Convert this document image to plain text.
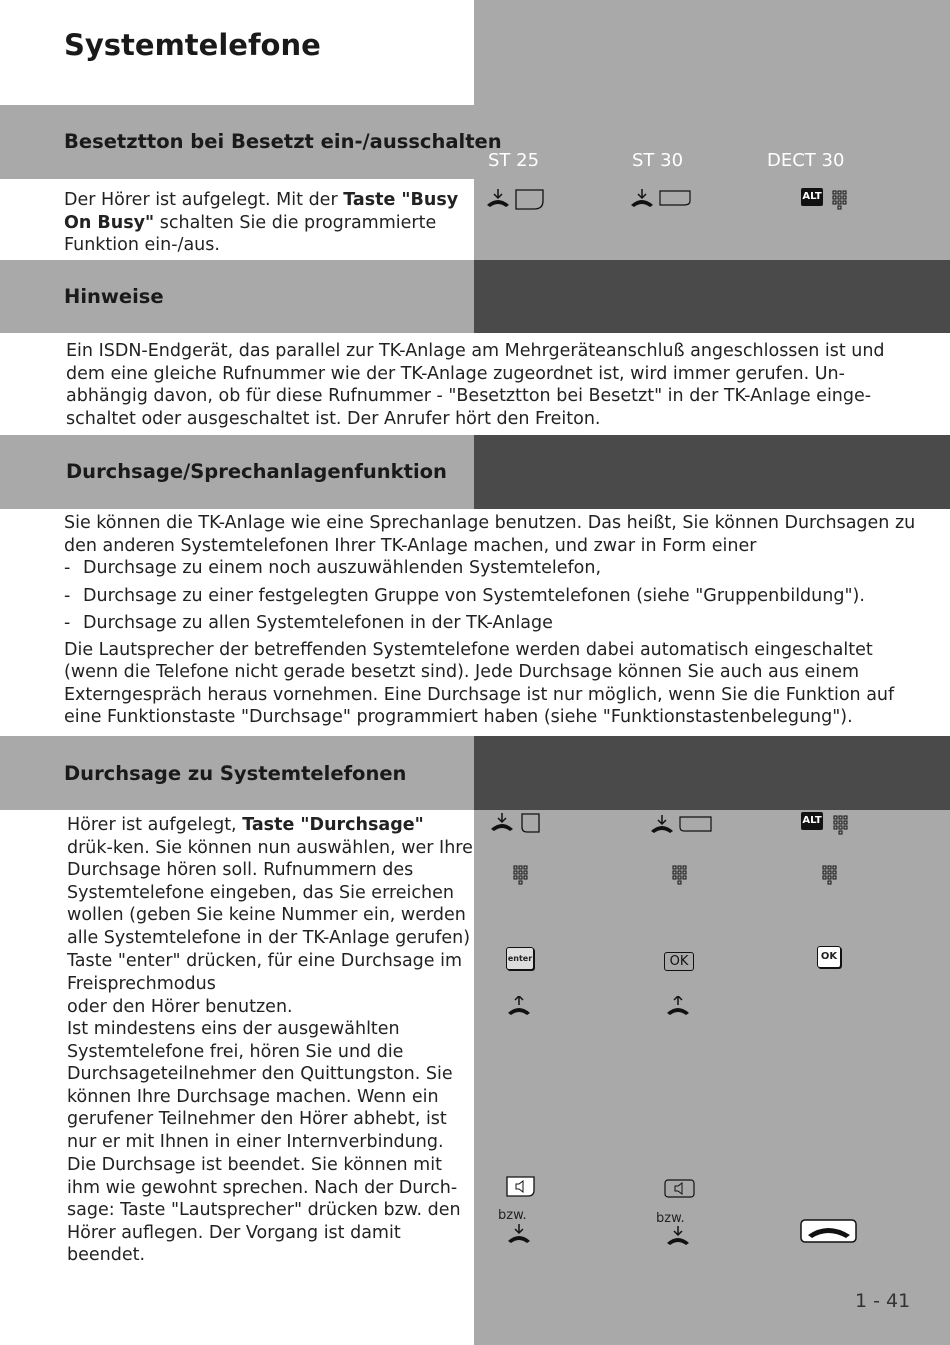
Systemtelefone
Besetztton bei Besetzt ein-/ausschalten
ST 25	ST 30	DECT 30
Der Hörer ist aufgelegt. Mit der Taste "Busy On Busy" schalten Sie die programmierte Funktion ein-/aus.
ALT
Hinweise
Ein ISDN-Endgerät, das parallel zur TK-Anlage am Mehrgeräteanschluß angeschlossen ist und dem eine gleiche Rufnummer wie der TK-Anlage zugeordnet ist, wird immer gerufen. Un-abhängig davon, ob für diese Rufnummer - "Besetztton bei Besetzt" in der TK-Anlage einge-schaltet oder ausgeschaltet ist. Der Anrufer hört den Freiton.
Durchsage/Sprechanlagenfunktion
Sie können die TK-Anlage wie eine Sprechanlage benutzen. Das heißt, Sie können Durchsagen zu den anderen Systemtelefonen Ihrer TK-Anlage machen, und zwar in Form einer
- Durchsage zu einem noch auszuwählenden Systemtelefon,
- Durchsage zu einer festgelegten Gruppe von Systemtelefonen (siehe "Gruppenbildung").
- Durchsage zu allen Systemtelefonen in der TK-Anlage
Die Lautsprecher der betreffenden Systemtelefone werden dabei automatisch eingeschaltet (wenn die Telefone nicht gerade besetzt sind). Jede Durchsage können Sie auch aus einem Externgespräch heraus vornehmen. Eine Durchsage ist nur möglich, wenn Sie die Funktion auf eine Funktionstaste "Durchsage" programmiert haben (siehe "Funktionstastenbelegung").
Durchsage zu Systemtelefonen
Hörer ist aufgelegt, Taste "Durchsage" drük-ken. Sie können nun auswählen, wer Ihre Durchsage hören soll. Rufnummern des Systemtelefone eingeben, das Sie erreichen wollen (geben Sie keine Nummer ein, werden alle Systemtelefone in der TK-Anlage gerufen)
Taste "enter" drücken, für eine Durchsage im Freisprechmodus
oder den Hörer benutzen.
Ist mindestens eins der ausgewählten Systemtelefone frei, hören Sie und die Durchsageteilnehmer den Quittungston. Sie können Ihre Durchsage machen. Wenn ein gerufener Teilnehmer den Hörer abhebt, ist nur er mit Ihnen in einer Internverbindung.
Die Durchsage ist beendet. Sie können mit ihm wie gewohnt sprechen. Nach der Durch-sage: Taste "Lautsprecher" drücken bzw. den Hörer auflegen. Der Vorgang ist damit beendet.
ALT
enter	OK	OK
bzw.	bzw.
1 - 41
